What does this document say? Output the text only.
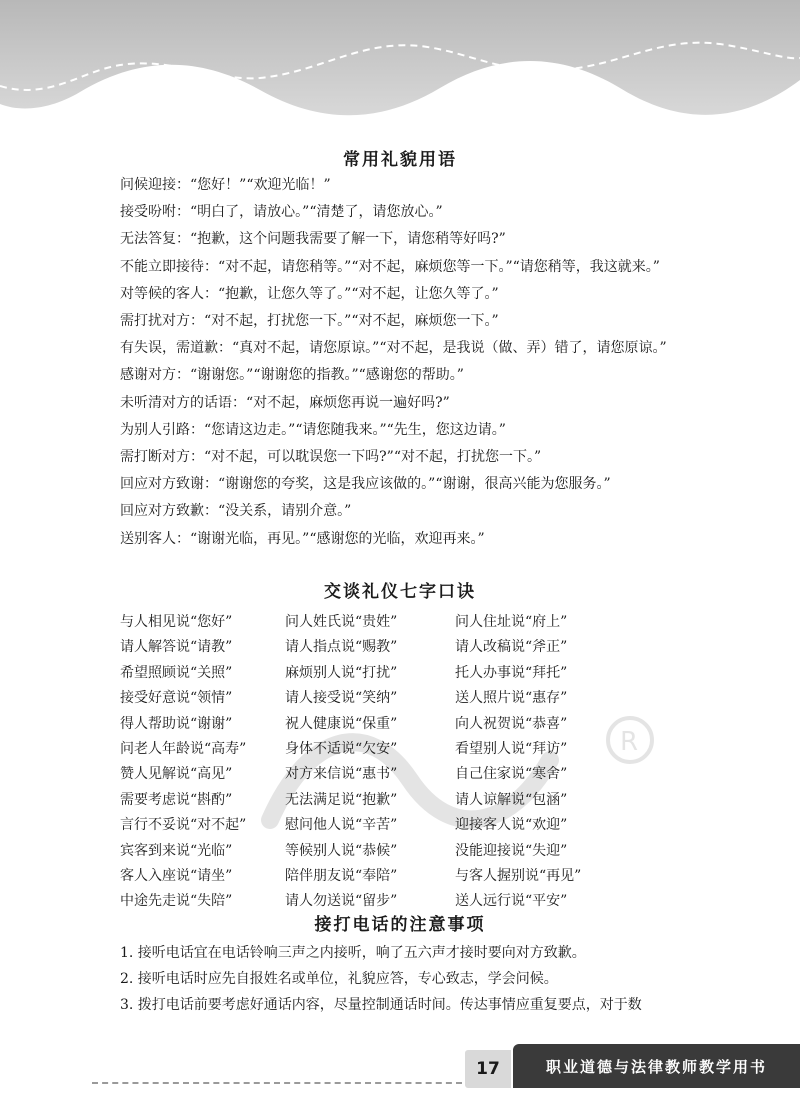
R
常用礼貌用语

问候迎接：“您好！”“欢迎光临！”

接受吩咐：“明白了，请放心。”“清楚了，请您放心。”

无法答复：“抱歉，这个问题我需要了解一下，请您稍等好吗?”

不能立即接待：“对不起，请您稍等。”“对不起，麻烦您等一下。”“请您稍等，我这就来。”

对等候的客人：“抱歉，让您久等了。”“对不起，让您久等了。”

需打扰对方：“对不起，打扰您一下。”“对不起，麻烦您一下。”

有失误，需道歉：“真对不起，请您原谅。”“对不起，是我说（做、弄）错了，请您原谅。”

感谢对方：“谢谢您。”“谢谢您的指教。”“感谢您的帮助。”

未听清对方的话语：“对不起，麻烦您再说一遍好吗?”

为别人引路：“您请这边走。”“请您随我来。”“先生，您这边请。”

需打断对方：“对不起，可以耽误您一下吗?”“对不起，打扰您一下。”

回应对方致谢：“谢谢您的夸奖，这是我应该做的。”“谢谢，很高兴能为您服务。”

回应对方致歉：“没关系，请别介意。”

送别客人：“谢谢光临，再见。”“感谢您的光临，欢迎再来。”

交谈礼仪七字口诀
与人相见说“您好”	问人姓氏说“贵姓”	问人住址说“府上”
请人解答说“请教”	请人指点说“赐教”	请人改稿说“斧正”
希望照顾说“关照”	麻烦别人说“打扰”	托人办事说“拜托”
接受好意说“领情”	请人接受说“笑纳”	送人照片说“惠存”
得人帮助说“谢谢”	祝人健康说“保重”	向人祝贺说“恭喜”
问老人年龄说“高寿”	身体不适说“欠安”	看望别人说“拜访”
赞人见解说“高见”	对方来信说“惠书”	自己住家说“寒舍”
需要考虑说“斟酌”	无法满足说“抱歉”	请人谅解说“包涵”
言行不妥说“对不起”	慰问他人说“辛苦”	迎接客人说“欢迎”
宾客到来说“光临”	等候别人说“恭候”	没能迎接说“失迎”
客人入座说“请坐”	陪伴朋友说“奉陪”	与客人握别说“再见”
中途先走说“失陪”	请人勿送说“留步”	送人远行说“平安”
接打电话的注意事项
1. 接听电话宜在电话铃响三声之内接听，响了五六声才接时要向对方致歉。
2. 接听电话时应先自报姓名或单位，礼貌应答，专心致志，学会问候。
3. 拨打电话前要考虑好通话内容，尽量控制通话时间。传达事情应重复要点，对于数
17	职业道德与法律教师教学用书
